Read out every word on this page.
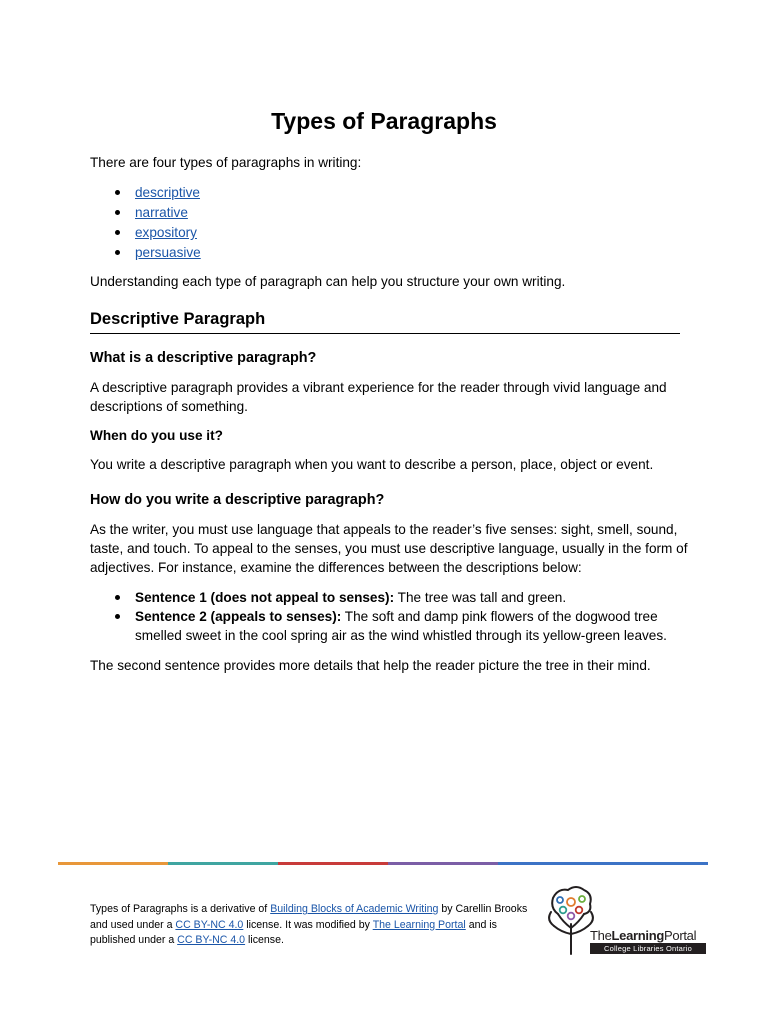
Types of Paragraphs

There are four types of paragraphs in writing:

descriptive
narrative
expository
persuasive

Understanding each type of paragraph can help you structure your own writing.

Descriptive Paragraph
What is a descriptive paragraph?

A descriptive paragraph provides a vibrant experience for the reader through vivid language and descriptions of something.

When do you use it?

You write a descriptive paragraph when you want to describe a person, place, object or event.

How do you write a descriptive paragraph?

As the writer, you must use language that appeals to the reader’s five senses: sight, smell, sound, taste, and touch. To appeal to the senses, you must use descriptive language, usually in the form of adjectives. For instance, examine the differences between the descriptions below:

Sentence 1 (does not appeal to senses): The tree was tall and green.
Sentence 2 (appeals to senses): The soft and damp pink flowers of the dogwood tree smelled sweet in the cool spring air as the wind whistled through its yellow-green leaves.

The second sentence provides more details that help the reader picture the tree in their mind.

Types of Paragraphs is a derivative of Building Blocks of Academic Writing by Carellin Brooks and used under a CC BY-NC 4.0 license. It was modified by The Learning Portal and is published under a CC BY-NC 4.0 license.	TheLearningPortal
College Libraries Ontario
